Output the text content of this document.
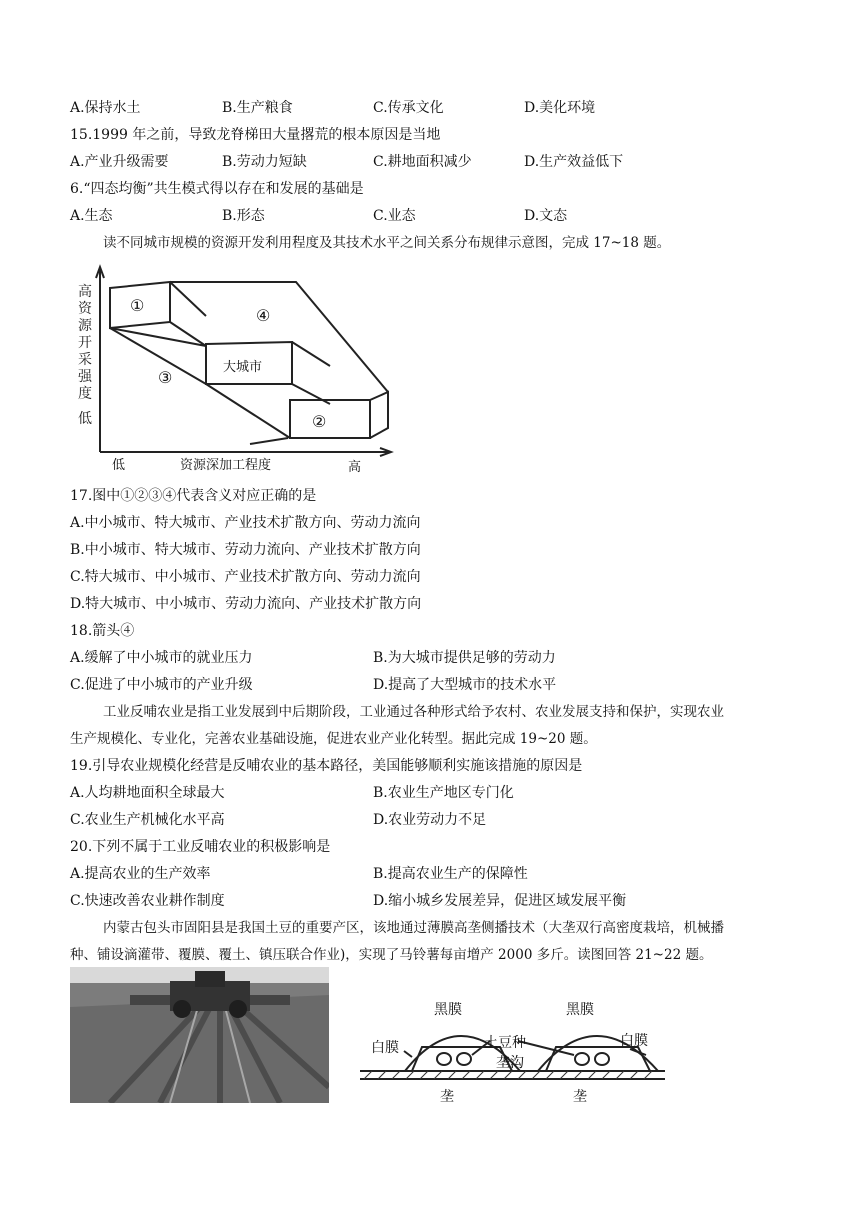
A.保持水土	B.生产粮食	C.传承文化	D.美化环境
15.1999 年之前，导致龙脊梯田大量撂荒的根本原因是当地
A.产业升级需要	B.劳动力短缺	C.耕地面积减少	D.生产效益低下
6.“四态均衡”共生模式得以存在和发展的基础是
A.生态	B.形态	C.业态	D.文态
读不同城市规模的资源开发利用程度及其技术水平之间关系分布规律示意图，完成 17~18 题。
高
资
源
开
采
强
度
低
低	资源深加工程度	高
①
④
大城市
③
②
17.图中①②③④代表含义对应正确的是
A.中小城市、特大城市、产业技术扩散方向、劳动力流向
B.中小城市、特大城市、劳动力流向、产业技术扩散方向
C.特大城市、中小城市、产业技术扩散方向、劳动力流向
D.特大城市、中小城市、劳动力流向、产业技术扩散方向
18.箭头④
A.缓解了中小城市的就业压力	B.为大城市提供足够的劳动力
C.促进了中小城市的产业升级	D.提高了大型城市的技术水平
工业反哺农业是指工业发展到中后期阶段，工业通过各种形式给予农村、农业发展支持和保护，实现农业
生产规模化、专业化，完善农业基础设施，促进农业产业化转型。据此完成 19~20 题。
19.引导农业规模化经营是反哺农业的基本路径，美国能够顺利实施该措施的原因是
A.人均耕地面积全球最大	B.农业生产地区专门化
C.农业生产机械化水平高	D.农业劳动力不足
20.下列不属于工业反哺农业的积极影响是
A.提高农业的生产效率	B.提高农业生产的保障性
C.快速改善农业耕作制度	D.缩小城乡发展差异，促进区域发展平衡
内蒙古包头市固阳县是我国土豆的重要产区，该地通过薄膜高垄侧播技术（大垄双行高密度栽培，机械播
种、铺设滴灌带、覆膜、覆土、镇压联合作业)，实现了马铃薯每亩增产 2000 多斤。读图回答 21~22 题。
黑膜	黑膜
白膜	白膜
土豆种
垄沟
垄	垄
